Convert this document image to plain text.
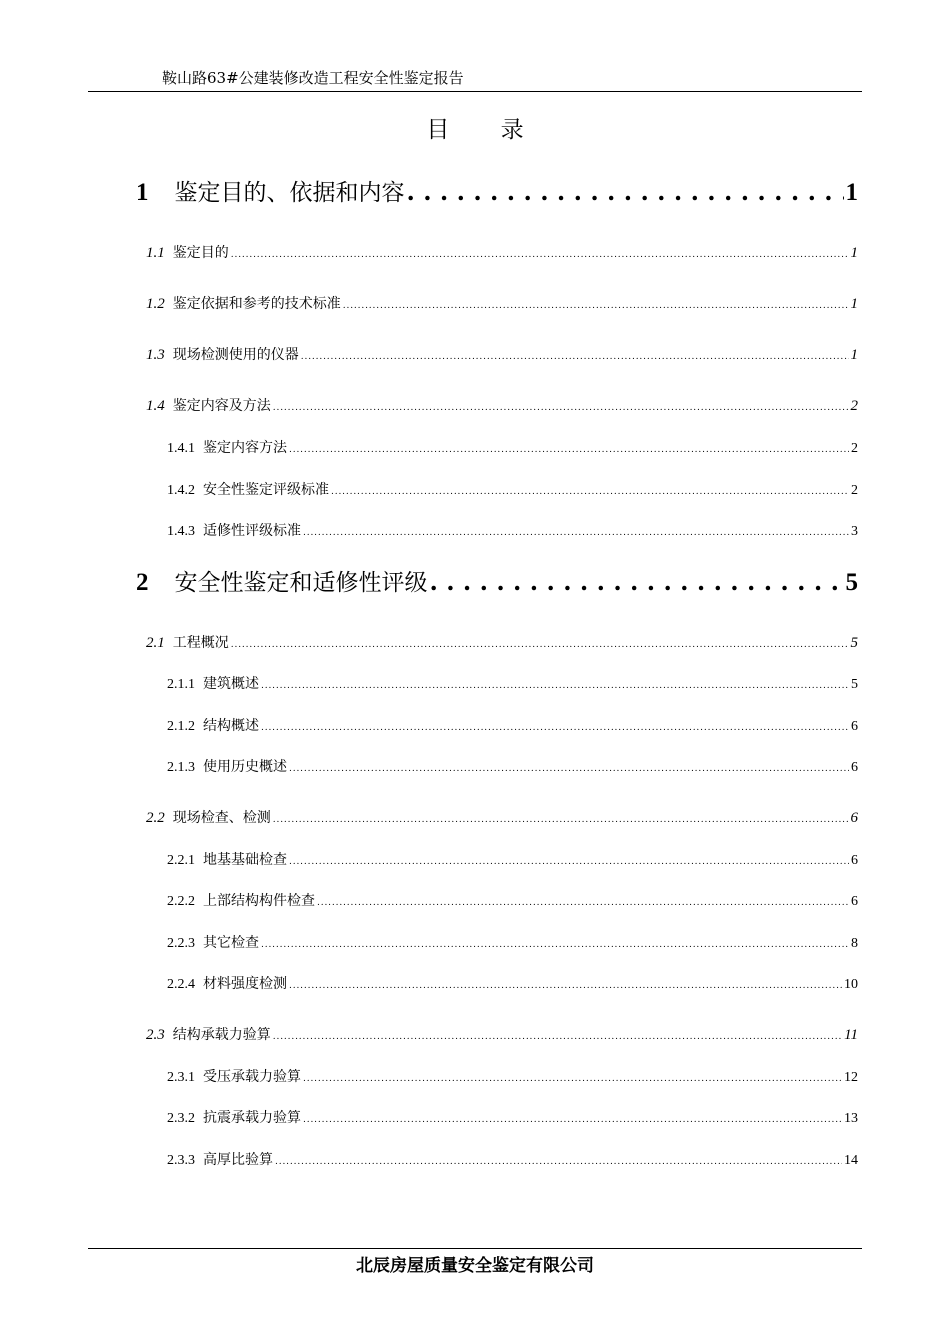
鞍山路63#公建装修改造工程安全性鉴定报告
目 录
1 鉴定目的、依据和内容 . . .	1
1.1 鉴定目的 . . .	1
1.2 鉴定依据和参考的技术标准 . . .	1
1.3 现场检测使用的仪器 . . .	1
1.4 鉴定内容及方法 . . .	2
1.4.1 鉴定内容方法 . . .	2
1.4.2 安全性鉴定评级标准 . . .	2
1.4.3 适修性评级标准 . . .	3
2 安全性鉴定和适修性评级 . . .	5
2.1 工程概况 . . .	5
2.1.1 建筑概述 . . .	5
2.1.2 结构概述 . . .	6
2.1.3 使用历史概述 . . .	6
2.2 现场检查、检测 . . .	6
2.2.1 地基基础检查 . . .	6
2.2.2 上部结构构件检查 . . .	6
2.2.3 其它检查 . . .	8
2.2.4 材料强度检测 . . .	10
2.3 结构承载力验算 . . .	11
2.3.1 受压承载力验算 . . .	12
2.3.2 抗震承载力验算 . . .	13
2.3.3 高厚比验算 . . .	14
北辰房屋质量安全鉴定有限公司
